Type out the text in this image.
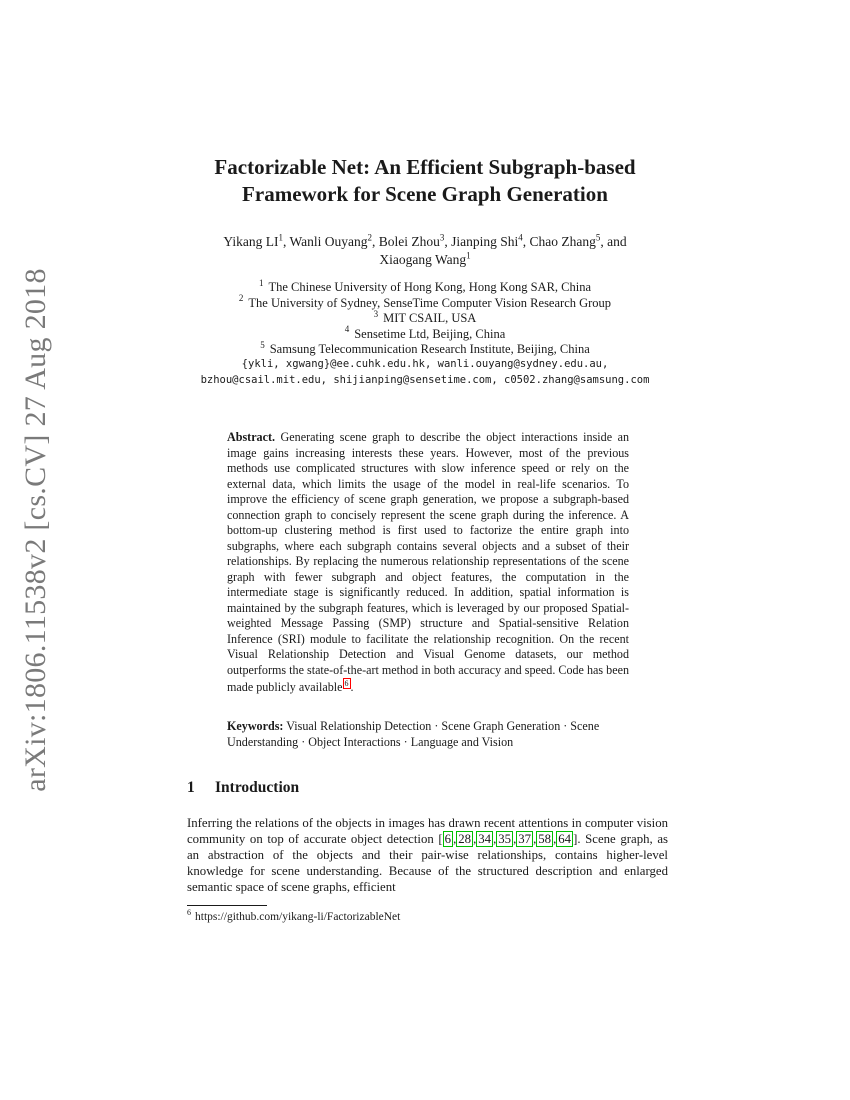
arXiv:1806.11538v2 [cs.CV] 27 Aug 2018
Factorizable Net: An Efficient Subgraph-based
Framework for Scene Graph Generation
Yikang $LI^1$, Wanli Ouyang$^2$, Bolei Zhou$^3$, Jianping Shi$^4$, Chao Zhang$^5$, and
Xiaogang Wang$^1$
$^1$ The Chinese University of Hong Kong, Hong Kong SAR, China
$^2$ The University of Sydney, SenseTime Computer Vision Research Group
$^3$ MIT CSAIL, USA
$^4$ Sensetime Ltd, Beijing, China
$^5$ Samsung Telecommunication Research Institute, Beijing, China
{ykli, xgwang}@ee.cuhk.edu.hk, wanli.ouyang@sydney.edu.au,
bzhou@csail.mit.edu, shijianping@sensetime.com, c0502.zhang@samsung.com
Abstract. Generating scene graph to describe the object interactions inside an image gains increasing interests these years. However, most of the previous methods use complicated structures with slow inference speed or rely on the external data, which limits the usage of the model in real-life scenarios. To improve the efficiency of scene graph generation, we propose a subgraph-based connection graph to concisely represent the scene graph during the inference. A bottom-up clustering method is first used to factorize the entire graph into subgraphs, where each subgraph contains several objects and a subset of their relationships. By replacing the numerous relationship representations of the scene graph with fewer subgraph and object features, the computation in the intermediate stage is significantly reduced. In addition, spatial information is maintained by the subgraph features, which is leveraged by our proposed Spatial-weighted Message Passing (SMP) structure and Spatial-sensitive Relation Inference (SRI) module to facilitate the relationship recognition. On the recent Visual Relationship Detection and Visual Genome datasets, our method outperforms the state-of-the-art method in both accuracy and speed. Code has been made publicly available 6 .
Keywords: Visual Relationship Detection · Scene Graph Generation · Scene Understanding · Object Interactions · Language and Vision
1 Introduction
Inferring the relations of the objects in images has drawn recent attentions in computer vision community on top of accurate object detection [ 6 , 28 , 34 , 35 , 37 , 58 , 64 ]. Scene graph, as an abstraction of the objects and their pair-wise relationships, contains higher-level knowledge for scene understanding. Because of the structured description and enlarged semantic space of scene graphs, efficient
$^6$ https://github.com/yikang-li/FactorizableNet
